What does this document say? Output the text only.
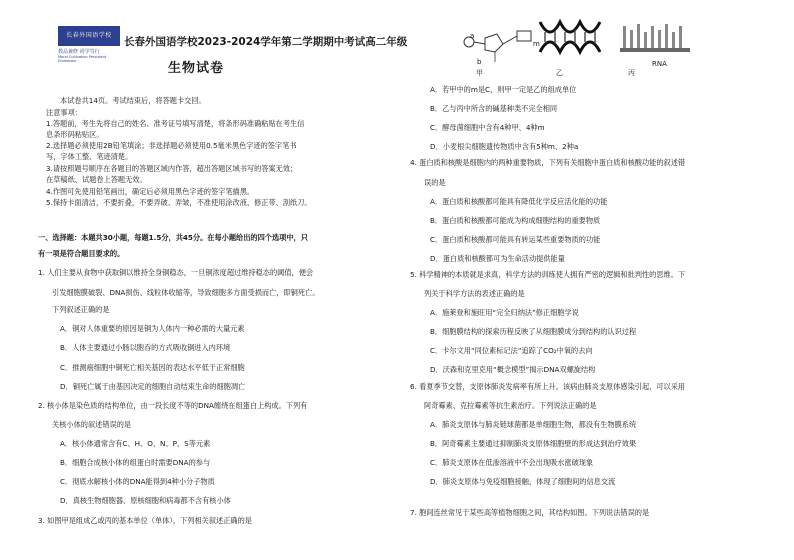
长春外国语学校
教品兼修 尚学笃行
Moral Cultivation Persistent Endeavour
长春外国语学校2023-2024学年第二学期期中考试高二年级
生物试卷
本试卷共14页。考试结束后，将答题卡交回。
注意事项：
1.答题前，考生先将自己的姓名、准考证号填写清楚，将条形码准确粘贴在考生信
息条形码粘贴区。
2.选择题必须使用2B铅笔填涂；非选择题必须使用0.5毫米黑色字迹的签字笔书
写，字体工整、笔迹清楚。
3.请按照题号顺序在各题目的答题区域内作答，超出答题区域书写的答案无效；
在草稿纸、试题卷上答题无效。
4.作图可先使用铅笔画出，确定后必须用黑色字迹的签字笔描黑。
5.保持卡面清洁，不要折叠，不要弄破、弄皱，不准使用涂改液、修正带、刮纸刀。
一、选择题：本题共30小题，每题1.5分，共45分。在每小题给出的四个选项中，只
有一项是符合题目要求的。
1. 人们主要从食物中获取铜以维持全身铜稳态，一旦铜浓度超过维持稳态的阈值，便会
引发细胞膜破裂、DNA损伤、线粒体收缩等，导致细胞多方面受损而亡，即铜死亡。
下列叙述正确的是
A．铜对人体重要的原因是铜为人体内一种必需的大量元素
B．人体主要通过小肠以胞吞的方式吸收铜进入内环境
C．推测癌细胞中铜死亡相关基因的表达水平低于正常细胞
D．铜死亡属于由基因决定的细胞自动结束生命的细胞凋亡
2. 核小体是染色质的结构单位，由一段长度不等的DNA缠绕在组蛋白上构成。下列有
关核小体的叙述错误的是
A．核小体通常含有C、H、O、N、P、S等元素
B．细胞合成核小体的组蛋白时需要DNA的参与
C．彻底水解核小体的DNA能得到4种小分子物质
D．真核生物细胞器、原核细胞和病毒都不含有核小体
3. 如图甲是组成乙或丙的基本单位（单体），下列相关叙述正确的是
b
m
a
甲	乙	丙
RNA
A．若甲中的m是C，则甲一定是乙的组成单位
B．乙与丙中所含的碱基种类不完全相同
C．酵母菌细胞中含有4种甲、4种m
D．小麦根尖细胞遗传物质中含有5种m、2种a
4. 蛋白质和核酸是细胞内的两种重要物质，下列有关细胞中蛋白质和核酸功能的叙述错
误的是
A．蛋白质和核酸都可能具有降低化学反应活化能的功能
B．蛋白质和核酸都可能成为构成细胞结构的重要物质
C．蛋白质和核酸都可能具有转运某些重要物质的功能
D．蛋白质和核酸都可为生命活动提供能量
5. 科学精神的本质就是求真，科学方法的训练使人拥有严密的逻辑和批判性的思维。下
列关于科学方法的表述正确的是
A．施莱登和施旺用“完全归纳法”修正细胞学说
B．细胞膜结构的探索历程反映了从细胞膜成分到结构的认识过程
C．卡尔文用“同位素标记法”追踪了CO₂中氧的去向
D．沃森和克里克用“概念模型”揭示DNA双螺旋结构
6. 看夏季节交替，支原体肺炎发病率有所上升。该病由肺炎支原体感染引起，可以采用
阿奇霉素、克拉霉素等抗生素治疗。下列说法正确的是
A．肺炎支原体与肺炎链球菌都是单细胞生物，都没有生物膜系统
B．阿奇霉素主要通过抑制肺炎支原体细胞壁的形成达到治疗效果
C．肺炎支原体在低渗溶液中不会出现吸水涨破现象
D．肺炎支原体与免疫细胞接触，体现了细胞间的信息交流
7. 胞间连丝常见于某些高等植物细胞之间，其结构如图。下列说法错误的是
